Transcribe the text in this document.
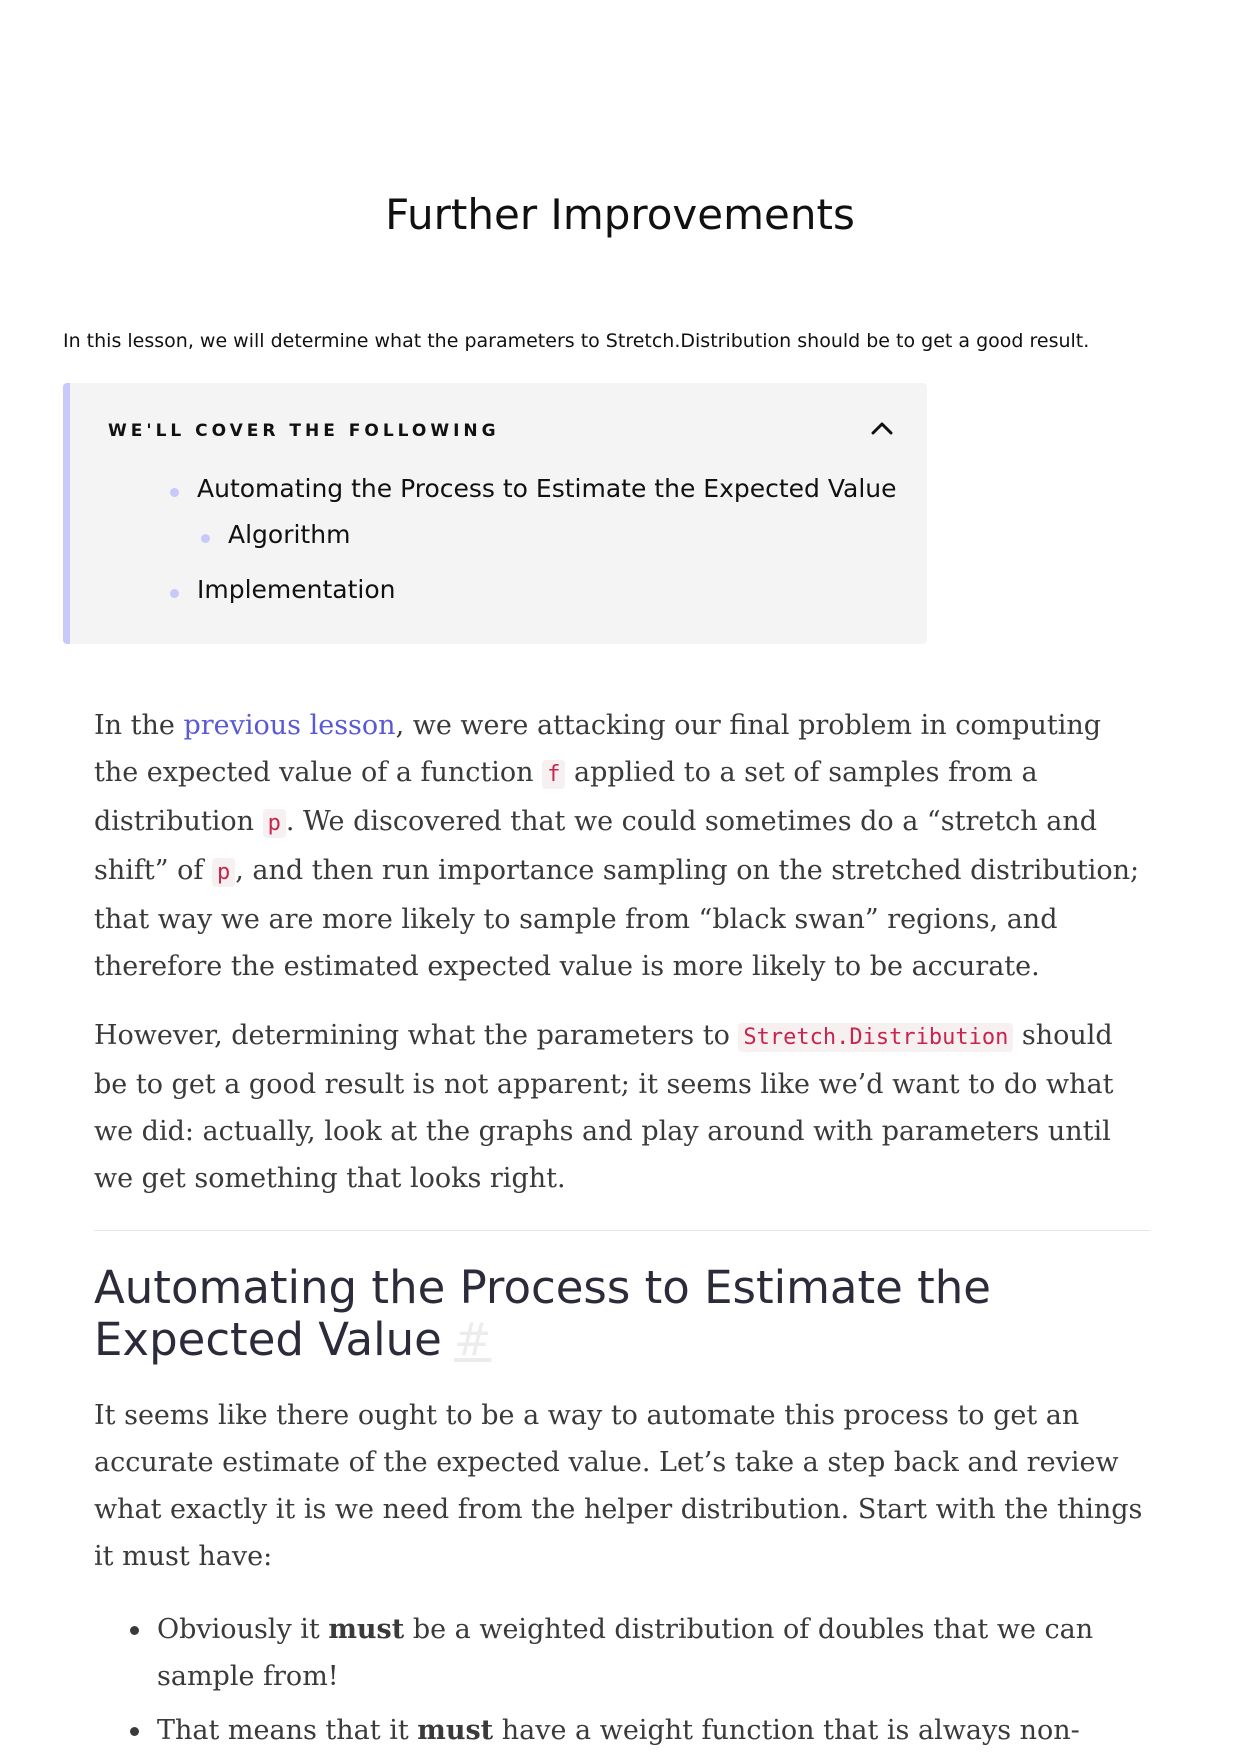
Further Improvements

In this lesson, we will determine what the parameters to Stretch.Distribution should be to get a good result.

WE'LL COVER THE FOLLOWING

Automating the Process to Estimate the Expected Value
Algorithm
Implementation

In the previous lesson, we were attacking our final problem in computing the expected value of a function f applied to a set of samples from a distribution p . We discovered that we could sometimes do a “stretch and shift” of p , and then run importance sampling on the stretched distribution; that way we are more likely to sample from “black swan” regions, and therefore the estimated expected value is more likely to be accurate.

However, determining what the parameters to Stretch.Distribution should be to get a good result is not apparent; it seems like we’d want to do what we did: actually, look at the graphs and play around with parameters until we get something that looks right.

Automating the Process to Estimate the Expected Value #

It seems like there ought to be a way to automate this process to get an accurate estimate of the expected value. Let’s take a step back and review what exactly it is we need from the helper distribution. Start with the things it must have:

Obviously it must be a weighted distribution of doubles that we can sample from!
That means that it must have a weight function that is always non-
